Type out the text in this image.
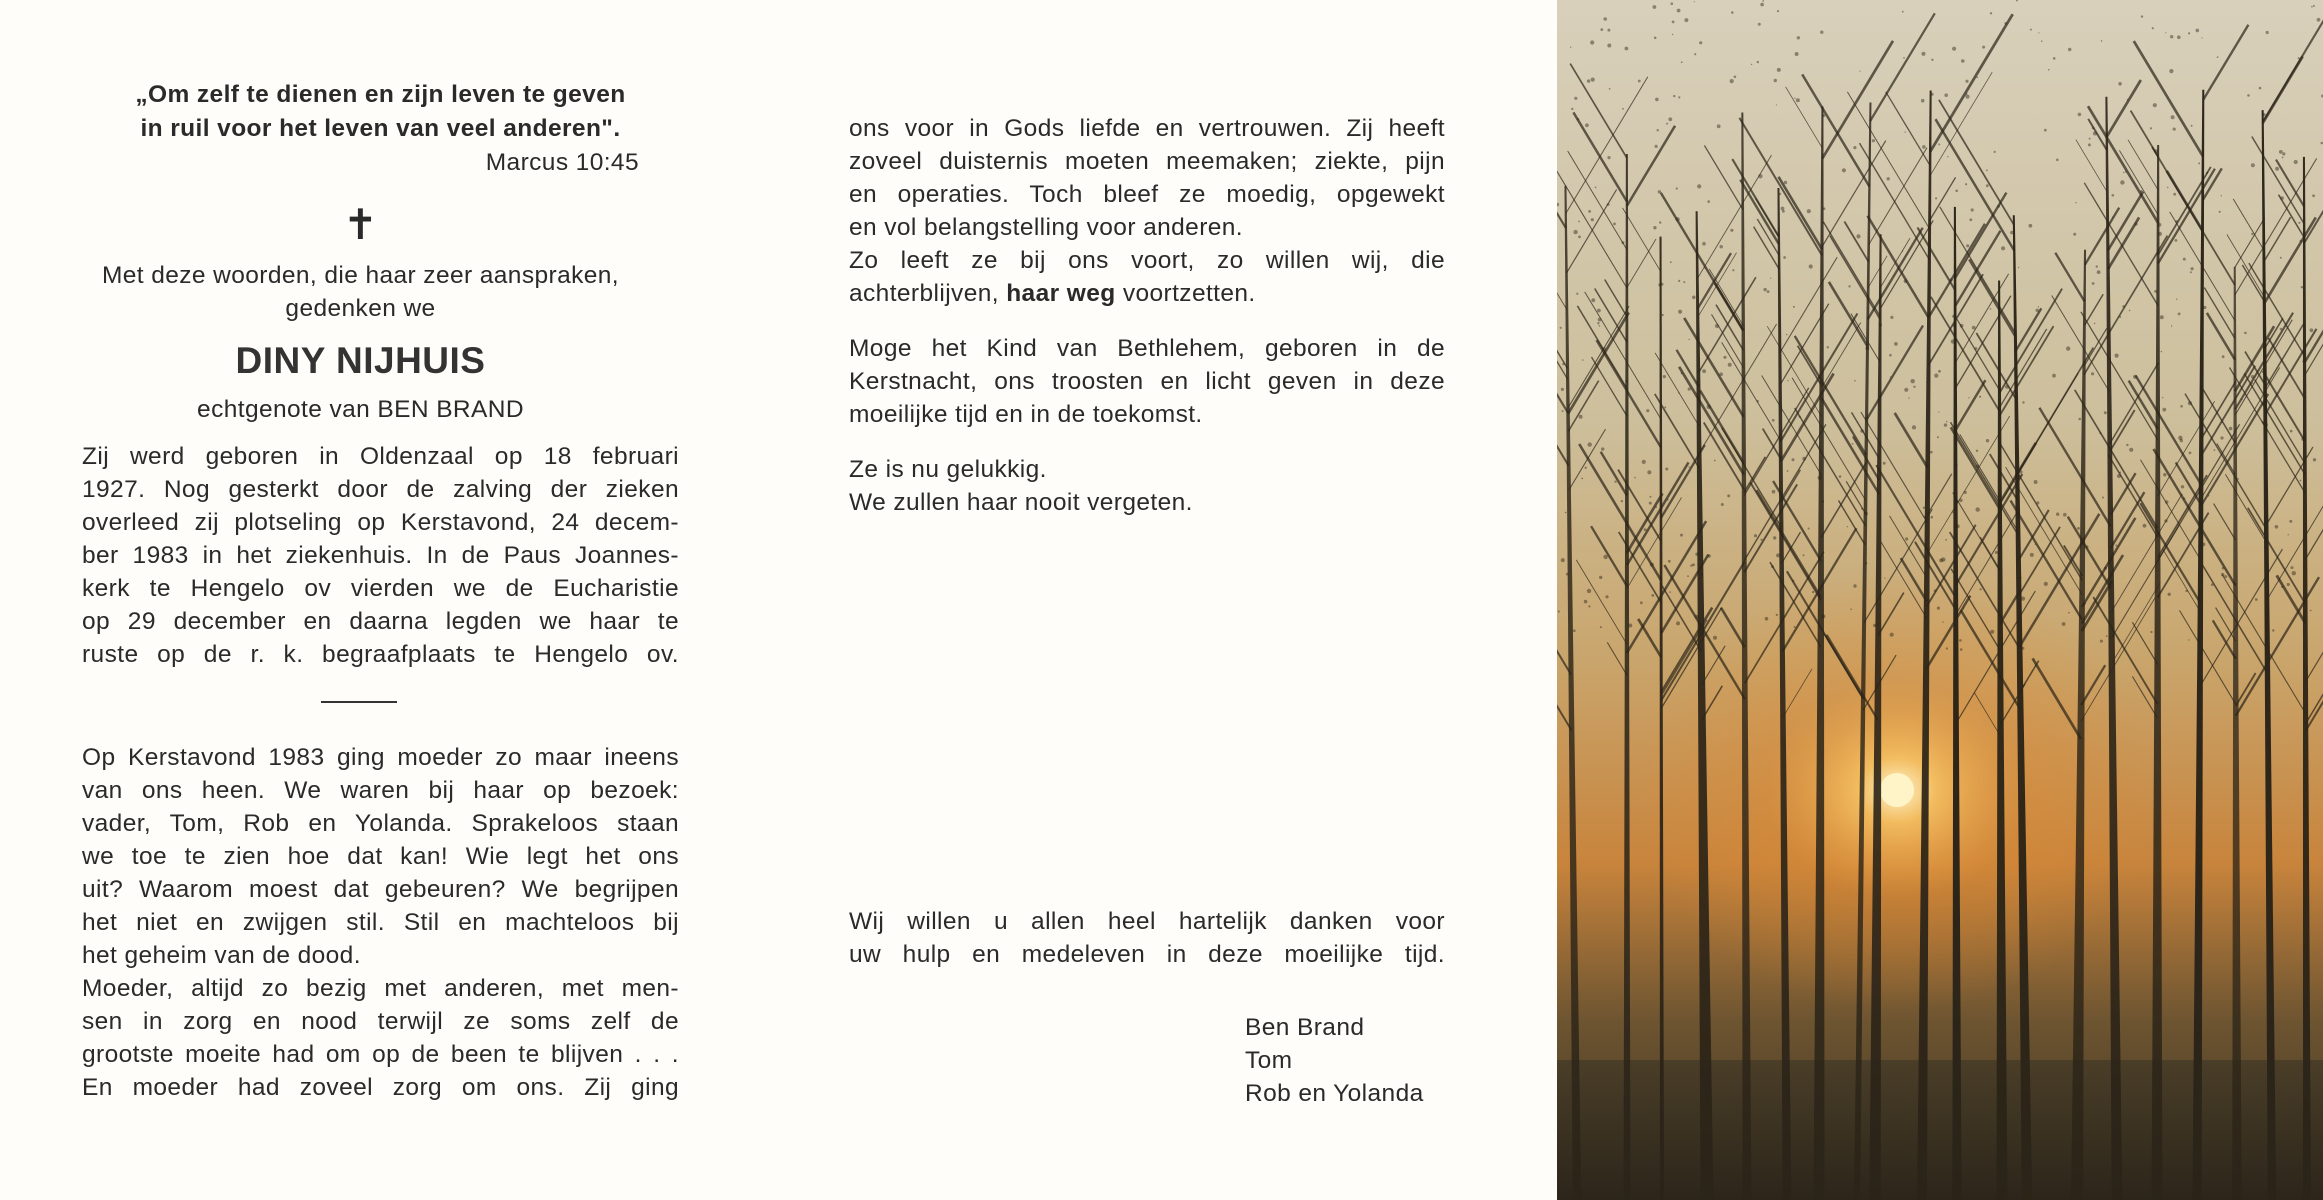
„Om zelf te dienen en zijn leven te geven
in ruil voor het leven van veel anderen".

Marcus 10:45

✝

Met deze woorden, die haar zeer aanspraken,
gedenken we

DINY NIJHUIS

echtgenote van BEN BRAND

Zij werd geboren in Oldenzaal op 18 februari
1927. Nog gesterkt door de zalving der zieken
overleed zij plotseling op Kerstavond, 24 decem-
ber 1983 in het ziekenhuis. In de Paus Joannes-
kerk te Hengelo ov vierden we de Eucharistie
op 29 december en daarna legden we haar te
ruste op de r. k. begraafplaats te Hengelo ov.
Op Kerstavond 1983 ging moeder zo maar ineens
van ons heen. We waren bij haar op bezoek:
vader, Tom, Rob en Yolanda. Sprakeloos staan
we toe te zien hoe dat kan! Wie legt het ons
uit? Waarom moest dat gebeuren? We begrijpen
het niet en zwijgen stil. Stil en machteloos bij
het geheim van de dood.
Moeder, altijd zo bezig met anderen, met men-
sen in zorg en nood terwijl ze soms zelf de
grootste moeite had om op de been te blijven . . .
En moeder had zoveel zorg om ons. Zij ging
ons voor in Gods liefde en vertrouwen. Zij heeft
zoveel duisternis moeten meemaken; ziekte, pijn
en operaties. Toch bleef ze moedig, opgewekt
en vol belangstelling voor anderen.
Zo leeft ze bij ons voort, zo willen wij, die
achterblijven, haar weg voortzetten.
Moge het Kind van Bethlehem, geboren in de
Kerstnacht, ons troosten en licht geven in deze
moeilijke tijd en in de toekomst.
Ze is nu gelukkig.
We zullen haar nooit vergeten.
Wij willen u allen heel hartelijk danken voor
uw hulp en medeleven in deze moeilijke tijd.
Ben Brand
Tom
Rob en Yolanda
